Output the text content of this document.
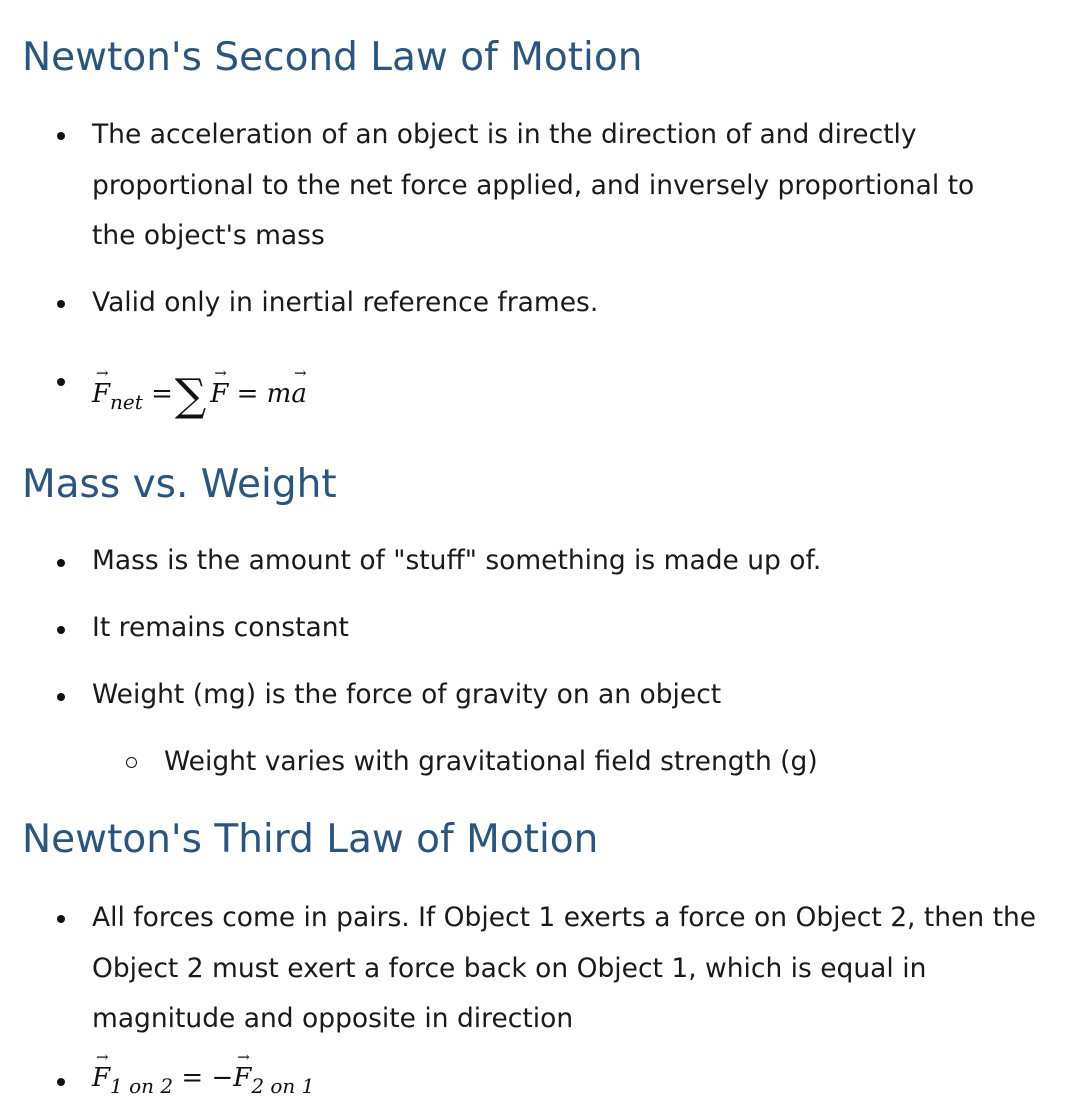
Newton's Second Law of Motion
The acceleration of an object is in the direction of and directly proportional to the net force applied, and inversely proportional to the object's mass
Valid only in inertial reference frames.
→ $F_{net}$ =∑→ F = m→ a
Mass vs. Weight
Mass is the amount of "stuff" something is made up of.
It remains constant
Weight (mg) is the force of gravity on an object
Weight varies with gravitational field strength (g)
Newton's Third Law of Motion
All forces come in pairs. If Object 1 exerts a force on Object 2, then the Object 2 must exert a force back on Object 1, which is equal in magnitude and opposite in direction
→ $F_{1 on 2}$ = −→ $F_{2 on 1}$
